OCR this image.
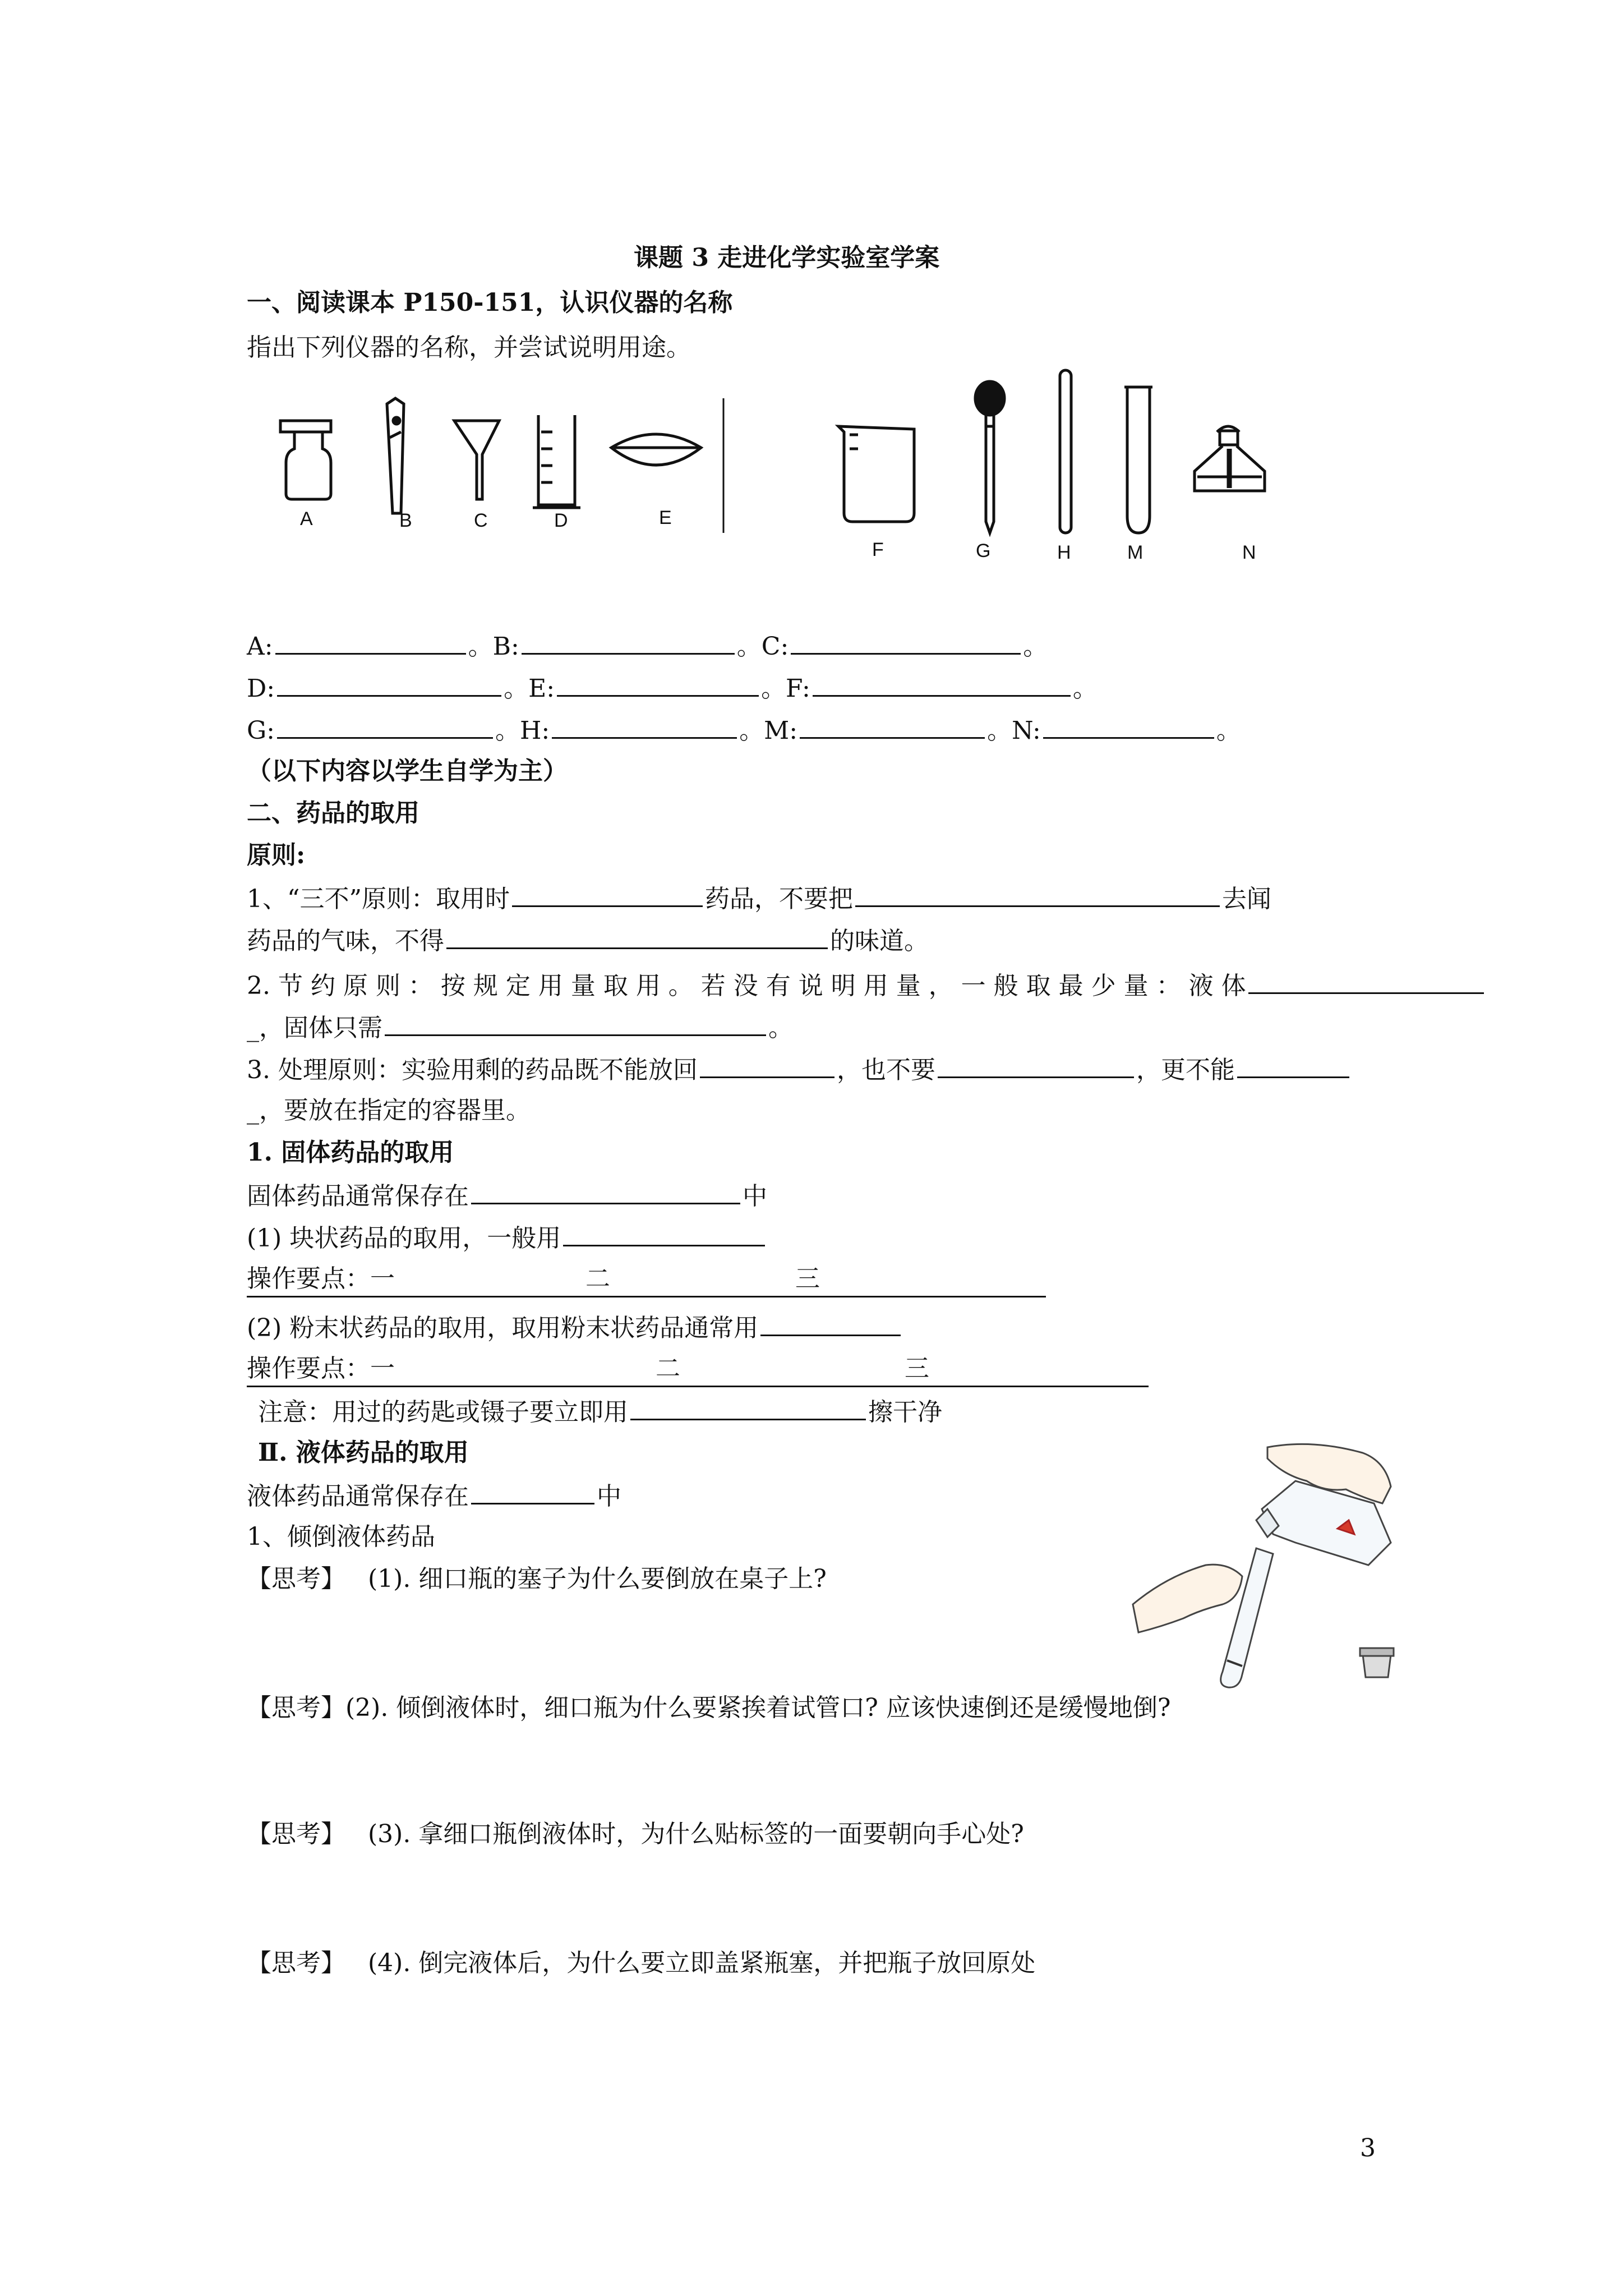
课题 3 走进化学实验室学案
一、阅读课本 P150-151，认识仪器的名称
指出下列仪器的名称，并尝试说明用途。
A	B	C	D	E
F	G	H	M	N
A:	。B:	。C:	。
D:	。E:	。F:	。
G:	。H:	。M:	。N:	。
（以下内容以学生自学为主）
二、药品的取用
原则:
1、“三不”原则：取用时	药品，不要把	去闻
药品的气味，不得	的味道。
2. 节 约 原 则 ： 按 规 定 用 量 取 用 。 若 没 有 说 明 用 量 ， 一 般 取 最 少 量 ： 液 体
_，固体只需	。
3. 处理原则：实验用剩的药品既不能放回	，也不要	，更不能
_，要放在指定的容器里。
1. 固体药品的取用
固体药品通常保存在	中
(1) 块状药品的取用，一般用
操作要点：一	二	三
(2) 粉末状药品的取用，取用粉末状药品通常用
操作要点：一	二	三
注意：用过的药匙或镊子要立即用	擦干净
Ⅱ. 液体药品的取用
液体药品通常保存在	中
1、倾倒液体药品
【思考】 (1). 细口瓶的塞子为什么要倒放在桌子上?
【思考】(2). 倾倒液体时，细口瓶为什么要紧挨着试管口? 应该快速倒还是缓慢地倒?
【思考】 (3). 拿细口瓶倒液体时，为什么贴标签的一面要朝向手心处?
【思考】 (4). 倒完液体后，为什么要立即盖紧瓶塞，并把瓶子放回原处
3
